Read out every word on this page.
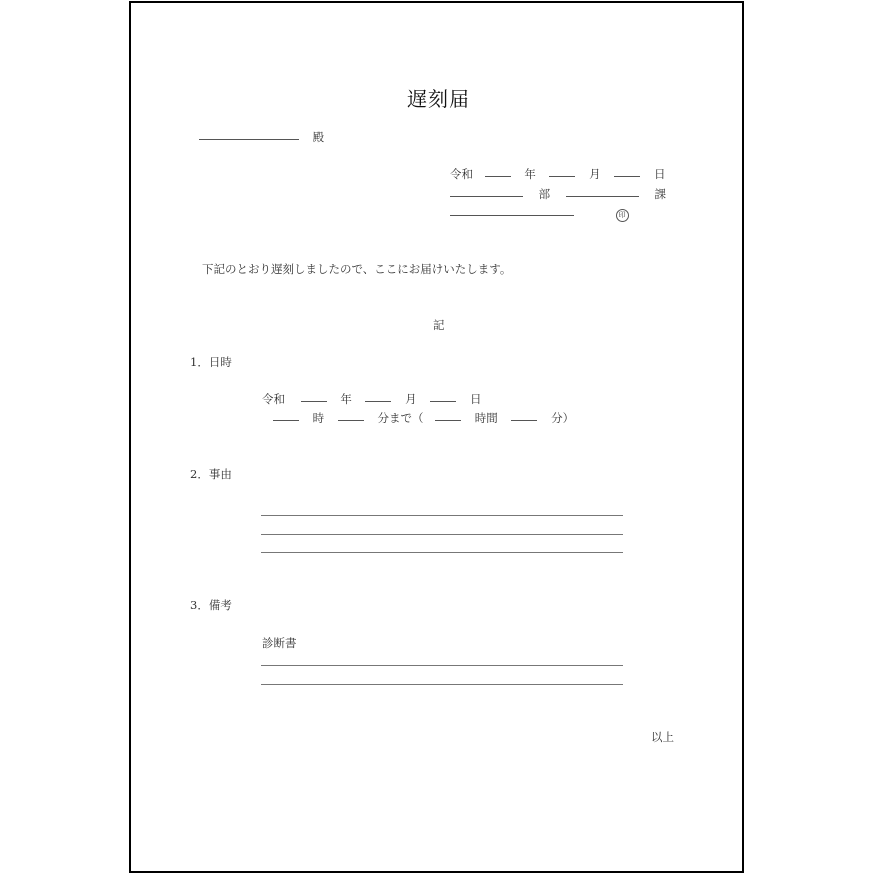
遅刻届
殿
令和	年	月	日
部	課
印
下記のとおり遅刻しましたので、ここにお届けいたします。
記
1．日時
令和	年	月	日
時	分まで（	時間	分）
2．事由
3．備考
診断書
以上
